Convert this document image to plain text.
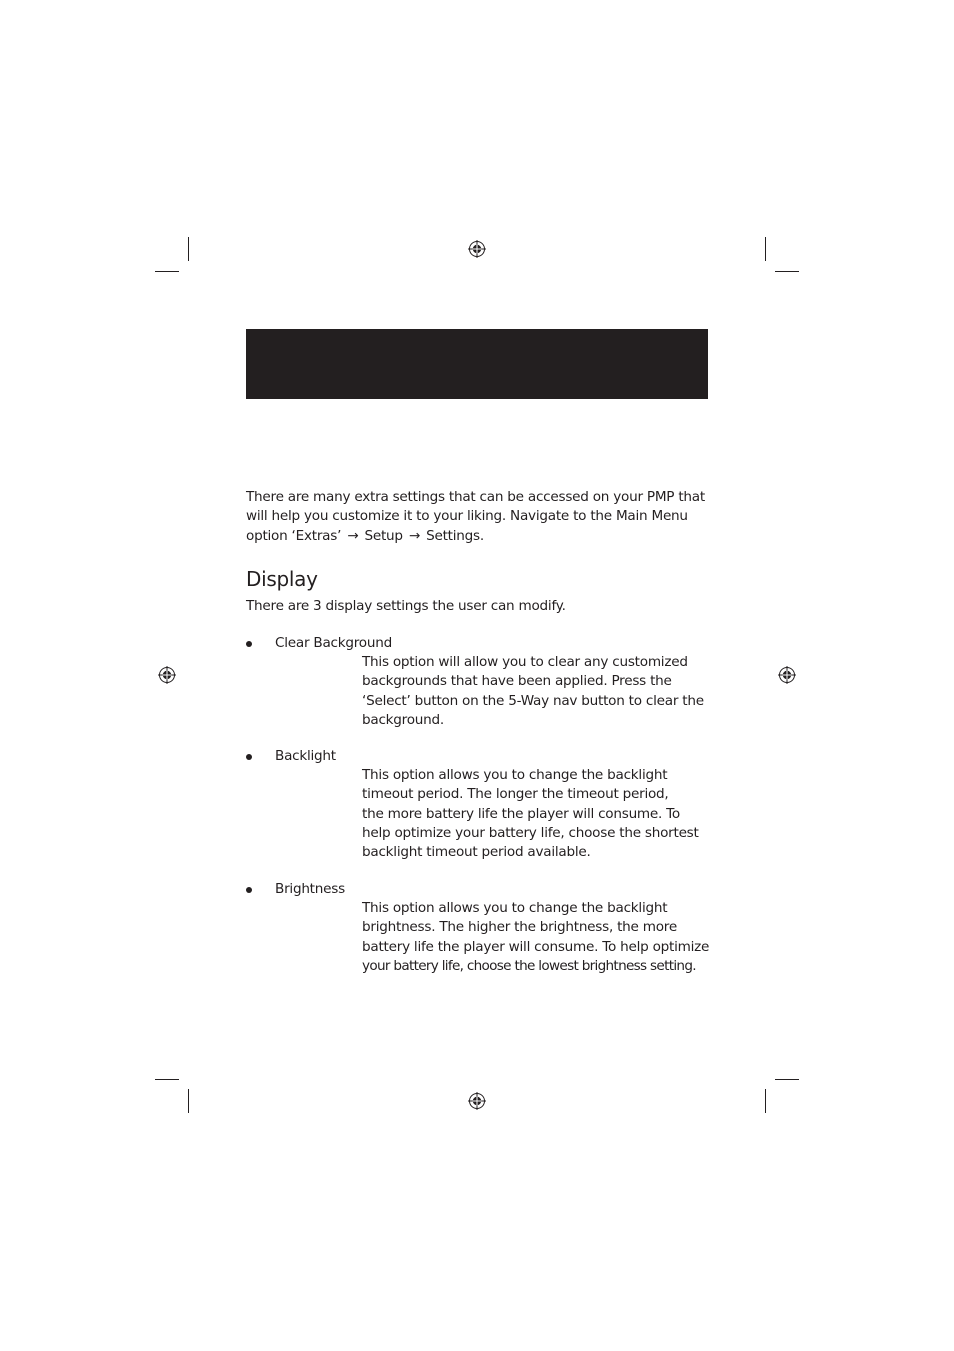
There are many extra settings that can be accessed on your PMP that
will help you customize it to your liking. Navigate to the Main Menu
option ‘Extras’ → Setup → Settings.
Display
There are 3 display settings the user can modify.
Clear Background
This option will allow you to clear any customized
backgrounds that have been applied. Press the
‘Select’ button on the 5-Way nav button to clear the
background.
Backlight
This option allows you to change the backlight
timeout period. The longer the timeout period,
the more battery life the player will consume. To
help optimize your battery life, choose the shortest
backlight timeout period available.
Brightness
This option allows you to change the backlight
brightness. The higher the brightness, the more
battery life the player will consume. To help optimize
your battery life, choose the lowest brightness setting.
